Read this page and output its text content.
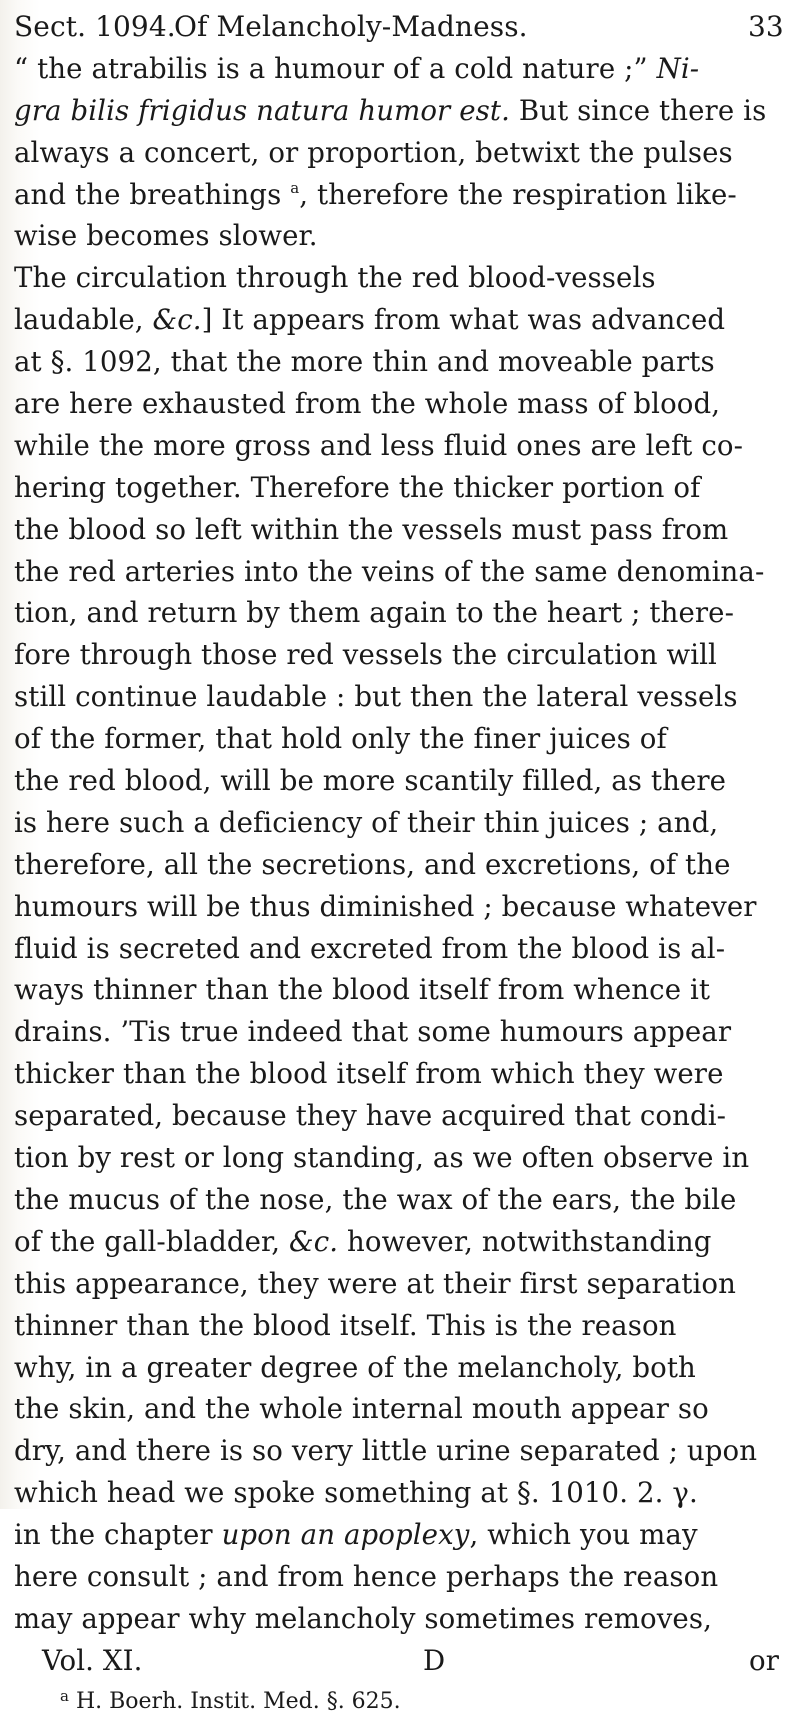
Sect. 1094.
Of Melancholy-Madness.	33
“ the atrabilis is a humour of a cold nature ;” Ni-
gra bilis frigidus natura humor est. But since there is
always a concert, or proportion, betwixt the pulses
and the breathings $^a$, therefore the respiration like-
wise becomes slower.
The circulation through the red blood-vessels
laudable, &c.] It appears from what was advanced
at §. 1092, that the more thin and moveable parts
are here exhausted from the whole mass of blood,
while the more gross and less fluid ones are left co-
hering together. Therefore the thicker portion of
the blood so left within the vessels must pass from
the red arteries into the veins of the same denomina-
tion, and return by them again to the heart ; there-
fore through those red vessels the circulation will
still continue laudable : but then the lateral vessels
of the former, that hold only the finer juices of
the red blood, will be more scantily filled, as there
is here such a deficiency of their thin juices ; and,
therefore, all the secretions, and excretions, of the
humours will be thus diminished ; because whatever
fluid is secreted and excreted from the blood is al-
ways thinner than the blood itself from whence it
drains. ’Tis true indeed that some humours appear
thicker than the blood itself from which they were
separated, because they have acquired that condi-
tion by rest or long standing, as we often observe in
the mucus of the nose, the wax of the ears, the bile
of the gall-bladder, &c. however, notwithstanding
this appearance, they were at their first separation
thinner than the blood itself. This is the reason
why, in a greater degree of the melancholy, both
the skin, and the whole internal mouth appear so
dry, and there is so very little urine separated ; upon
which head we spoke something at §. 1010. 2. γ.
in the chapter upon an apoplexy, which you may
here consult ; and from hence perhaps the reason
may appear why melancholy sometimes removes,
Vol. XI.	D	or
$^a$ H. Boerh. Instit. Med. §. 625.
